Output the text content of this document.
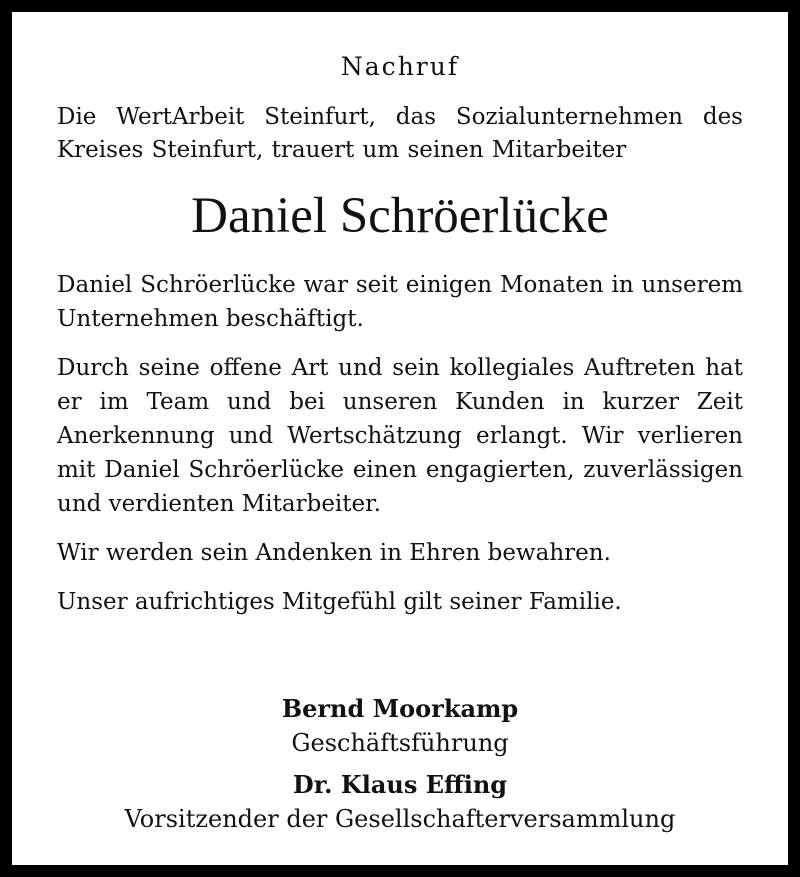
Nachruf

Die WertArbeit Steinfurt, das Sozialunternehmen des Kreises Steinfurt, trauert um seinen Mitarbeiter

Daniel Schröerlücke

Daniel Schröerlücke war seit einigen Monaten in unserem Unternehmen beschäftigt.

Durch seine offene Art und sein kollegiales Auftreten hat er im Team und bei unseren Kunden in kurzer Zeit Anerkennung und Wertschätzung erlangt. Wir verlieren mit Daniel Schröerlücke einen engagierten, zuverlässigen und verdienten Mitarbeiter.

Wir werden sein Andenken in Ehren bewahren.

Unser aufrichtiges Mitgefühl gilt seiner Familie.

Bernd Moorkamp

Geschäftsführung

Dr. Klaus Effing

Vorsitzender der Gesellschafterversammlung
